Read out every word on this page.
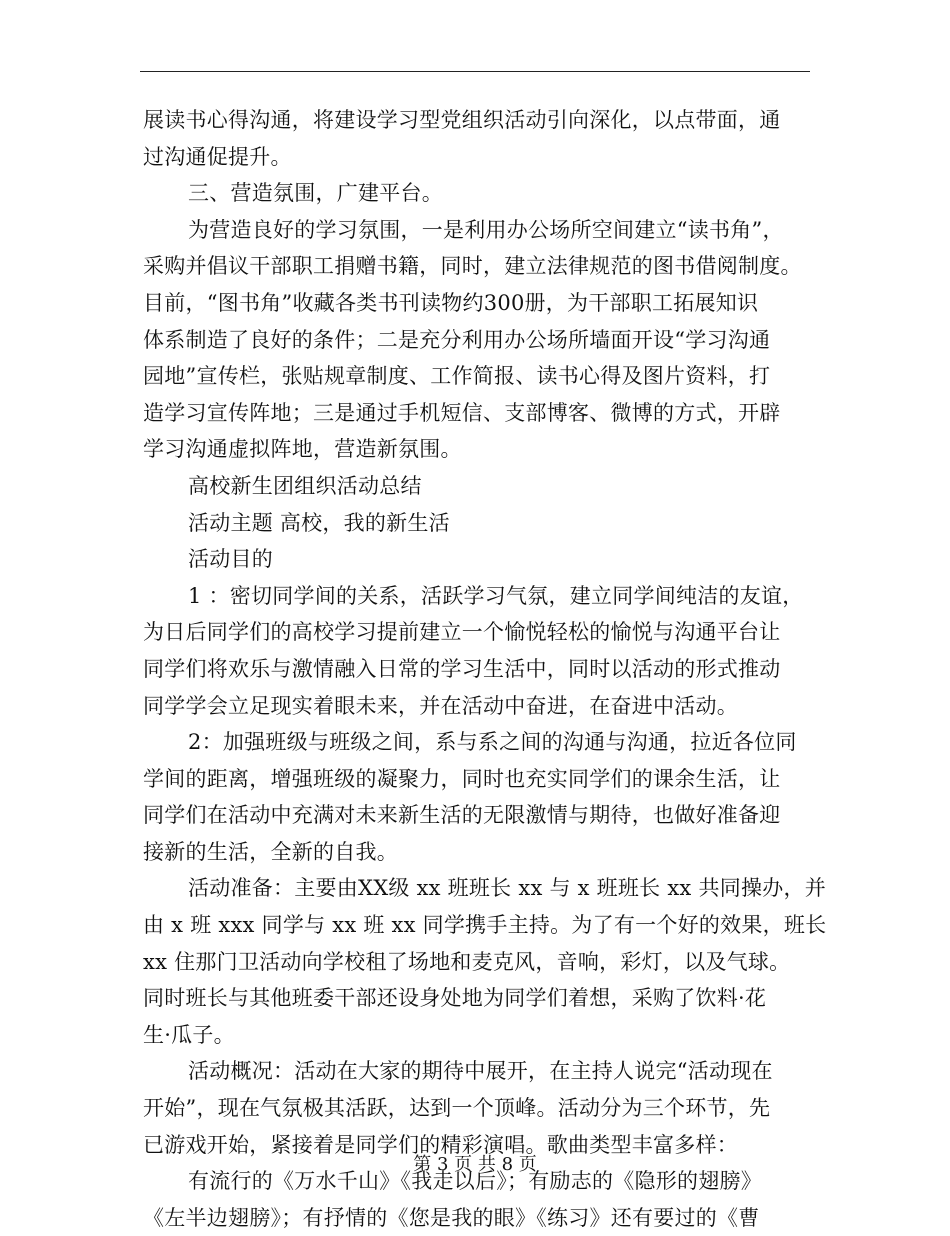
展读书心得沟通，将建设学习型党组织活动引向深化，以点带面，通
过沟通促提升。
三、营造氛围，广建平台。
为营造良好的学习氛围，一是利用办公场所空间建立“读书角”，
采购并倡议干部职工捐赠书籍，同时，建立法律规范的图书借阅制度。
目前，“图书角”收藏各类书刊读物约300册，为干部职工拓展知识
体系制造了良好的条件；二是充分利用办公场所墙面开设“学习沟通
园地”宣传栏，张贴规章制度、工作简报、读书心得及图片资料，打
造学习宣传阵地；三是通过手机短信、支部博客、微博的方式，开辟
学习沟通虚拟阵地，营造新氛围。
高校新生团组织活动总结
活动主题 高校，我的新生活
活动目的
1 ：密切同学间的关系，活跃学习气氛，建立同学间纯洁的友谊，
为日后同学们的高校学习提前建立一个愉悦轻松的愉悦与沟通平台让
同学们将欢乐与激情融入日常的学习生活中，同时以活动的形式推动
同学学会立足现实着眼未来，并在活动中奋进，在奋进中活动。
2：加强班级与班级之间，系与系之间的沟通与沟通，拉近各位同
学间的距离，增强班级的凝聚力，同时也充实同学们的课余生活，让
同学们在活动中充满对未来新生活的无限激情与期待，也做好准备迎
接新的生活，全新的自我。
活动准备：主要由XX级 xx 班班长 xx 与 x 班班长 xx 共同操办，并
由 x 班 xxx 同学与 xx 班 xx 同学携手主持。为了有一个好的效果，班长
xx 住那门卫活动向学校租了场地和麦克风，音响，彩灯，以及气球。
同时班长与其他班委干部还设身处地为同学们着想，采购了饮料·花
生·瓜子。
活动概况：活动在大家的期待中展开，在主持人说完“活动现在
开始”，现在气氛极其活跃，达到一个顶峰。活动分为三个环节，先
已游戏开始，紧接着是同学们的精彩演唱。歌曲类型丰富多样：
有流行的《万水千山》《我走以后》；有励志的《隐形的翅膀》
《左半边翅膀》；有抒情的《您是我的眼》《练习》还有要过的《曹
第 3 页 共 8 页
